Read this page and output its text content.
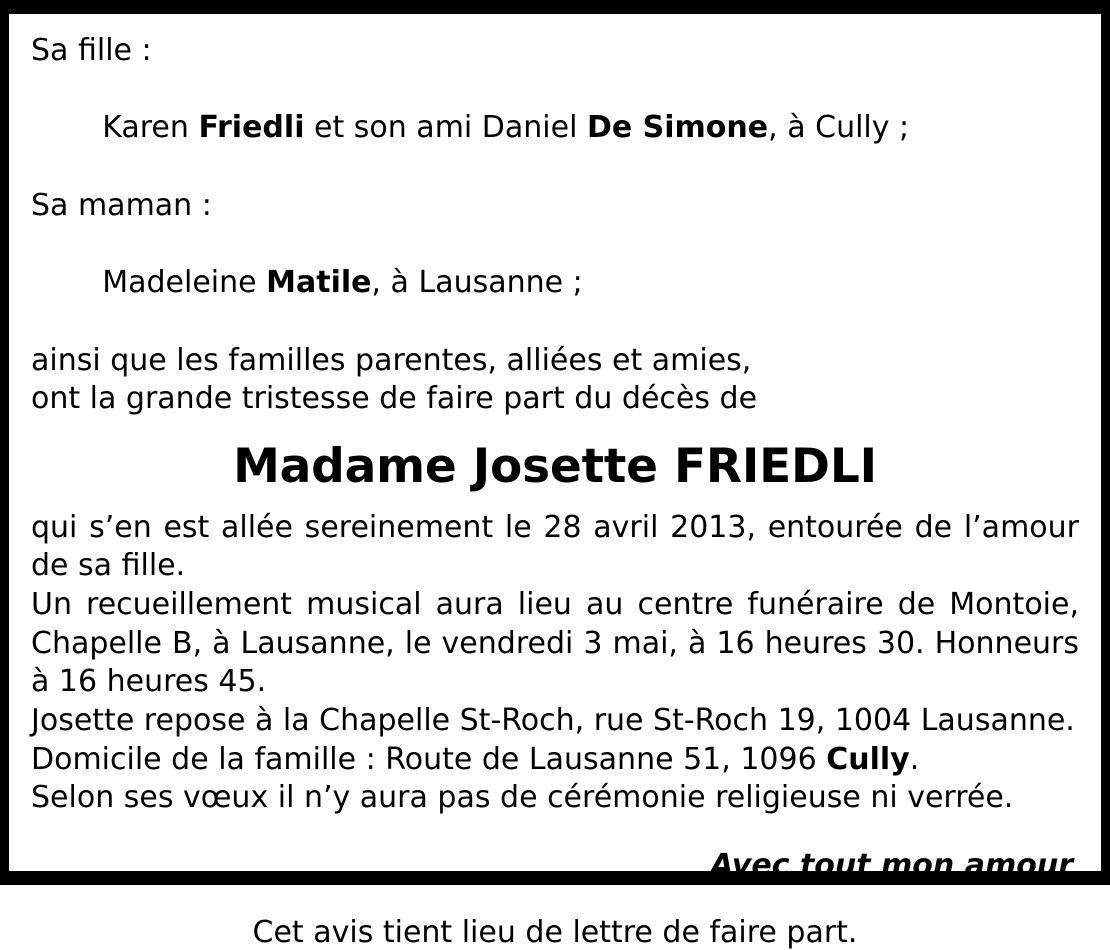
Sa fille :

Karen Friedli et son ami Daniel De Simone, à Cully ;

Sa maman :

Madeleine Matile, à Lausanne ;

ainsi que les familles parentes, alliées et amies,
ont la grande tristesse de faire part du décès de
Madame Josette FRIEDLI
qui s’en est allée sereinement le 28 avril 2013, entourée de l’amour de sa fille.
Un recueillement musical aura lieu au centre funéraire de Montoie, Chapelle B, à Lausanne, le vendredi 3 mai, à 16 heures 30. Honneurs à 16 heures 45.
Josette repose à la Chapelle St-Roch, rue St-Roch 19, 1004 Lausanne.
Domicile de la famille : Route de Lausanne 51, 1096 Cully.
Selon ses vœux il n’y aura pas de cérémonie religieuse ni verrée.
Avec tout mon amour
Cet avis tient lieu de lettre de faire part.
